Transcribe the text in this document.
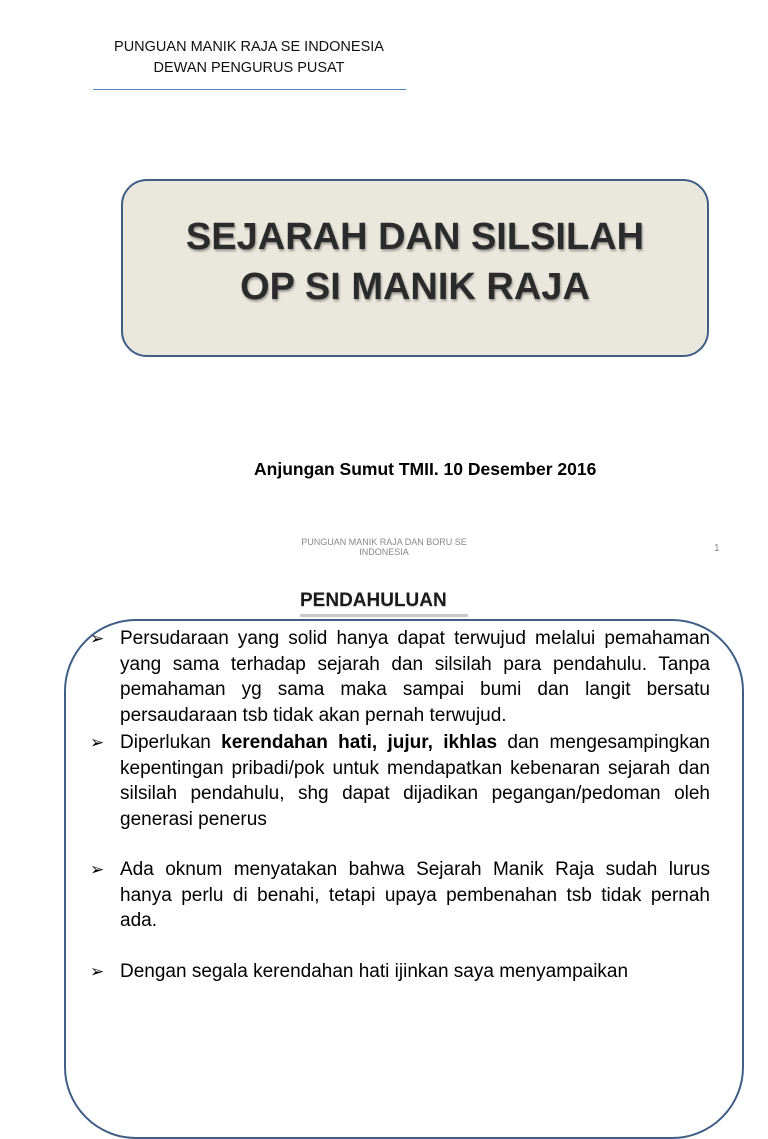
PUNGUAN MANIK RAJA SE INDONESIA
DEWAN PENGURUS PUSAT
SEJARAH DAN SILSILAH
OP SI MANIK RAJA
Anjungan Sumut TMII. 10 Desember 2016
PUNGUAN MANIK RAJA DAN BORU SE
INDONESIA	1
PENDAHULUAN
➢ Persudaraan yang solid hanya dapat terwujud melalui pemahaman yang sama terhadap sejarah dan silsilah para pendahulu. Tanpa pemahaman yg sama maka sampai bumi dan langit bersatu persaudaraan tsb tidak akan pernah terwujud.
➢ Diperlukan kerendahan hati, jujur, ikhlas dan mengesampingkan kepentingan pribadi/pok untuk mendapatkan kebenaran sejarah dan silsilah pendahulu, shg dapat dijadikan pegangan/pedoman oleh generasi penerus
➢ Ada oknum menyatakan bahwa Sejarah Manik Raja sudah lurus hanya perlu di benahi, tetapi upaya pembenahan tsb tidak pernah ada.
➢ Dengan segala kerendahan hati ijinkan saya menyampaikan
